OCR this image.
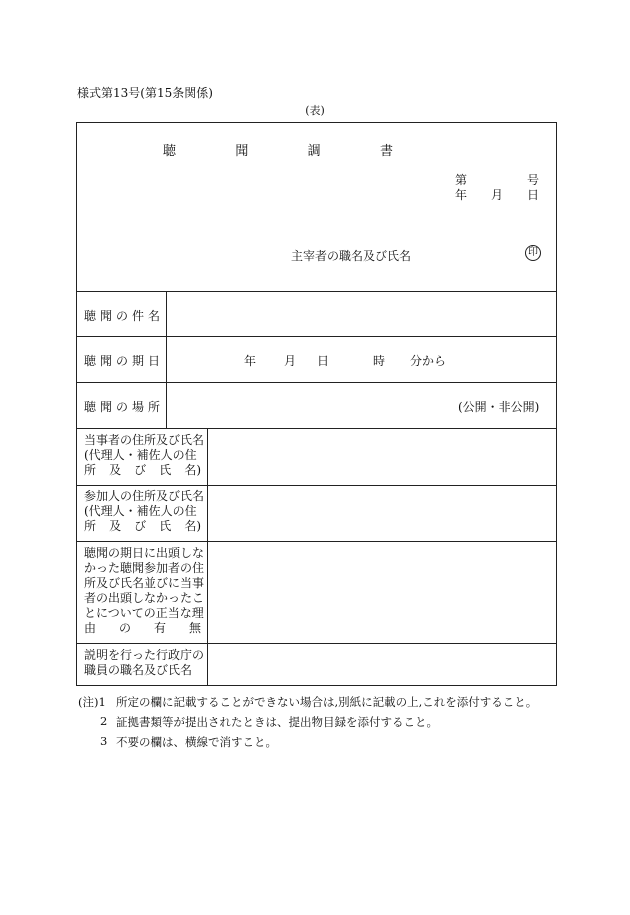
様式第13号(第15条関係)
(表)
聴	聞	調	書
第	号
年 月 日
主宰者の職名及び氏名	印
聴 聞 の 件 名
聴 聞 の 期 日	年 月 日	時 分から
聴 聞 の 場 所	(公開・非公開)
当事者の住所及び氏名
(代理人・補佐人の住
所 及 び 氏 名)
参加人の住所及び氏名
(代理人・補佐人の住
所 及 び 氏 名)
聴聞の期日に出頭しな
かった聴聞参加者の住
所及び氏名並びに当事
者の出頭しなかったこ
とについての正当な理
由 の 有 無
説明を行った行政庁の
職員の職名及び氏名
(注)1 所定の欄に記載することができない場合は,別紙に記載の上,これを添付すること。
2 証拠書類等が提出されたときは、提出物目録を添付すること。
3 不要の欄は、横線で消すこと。
